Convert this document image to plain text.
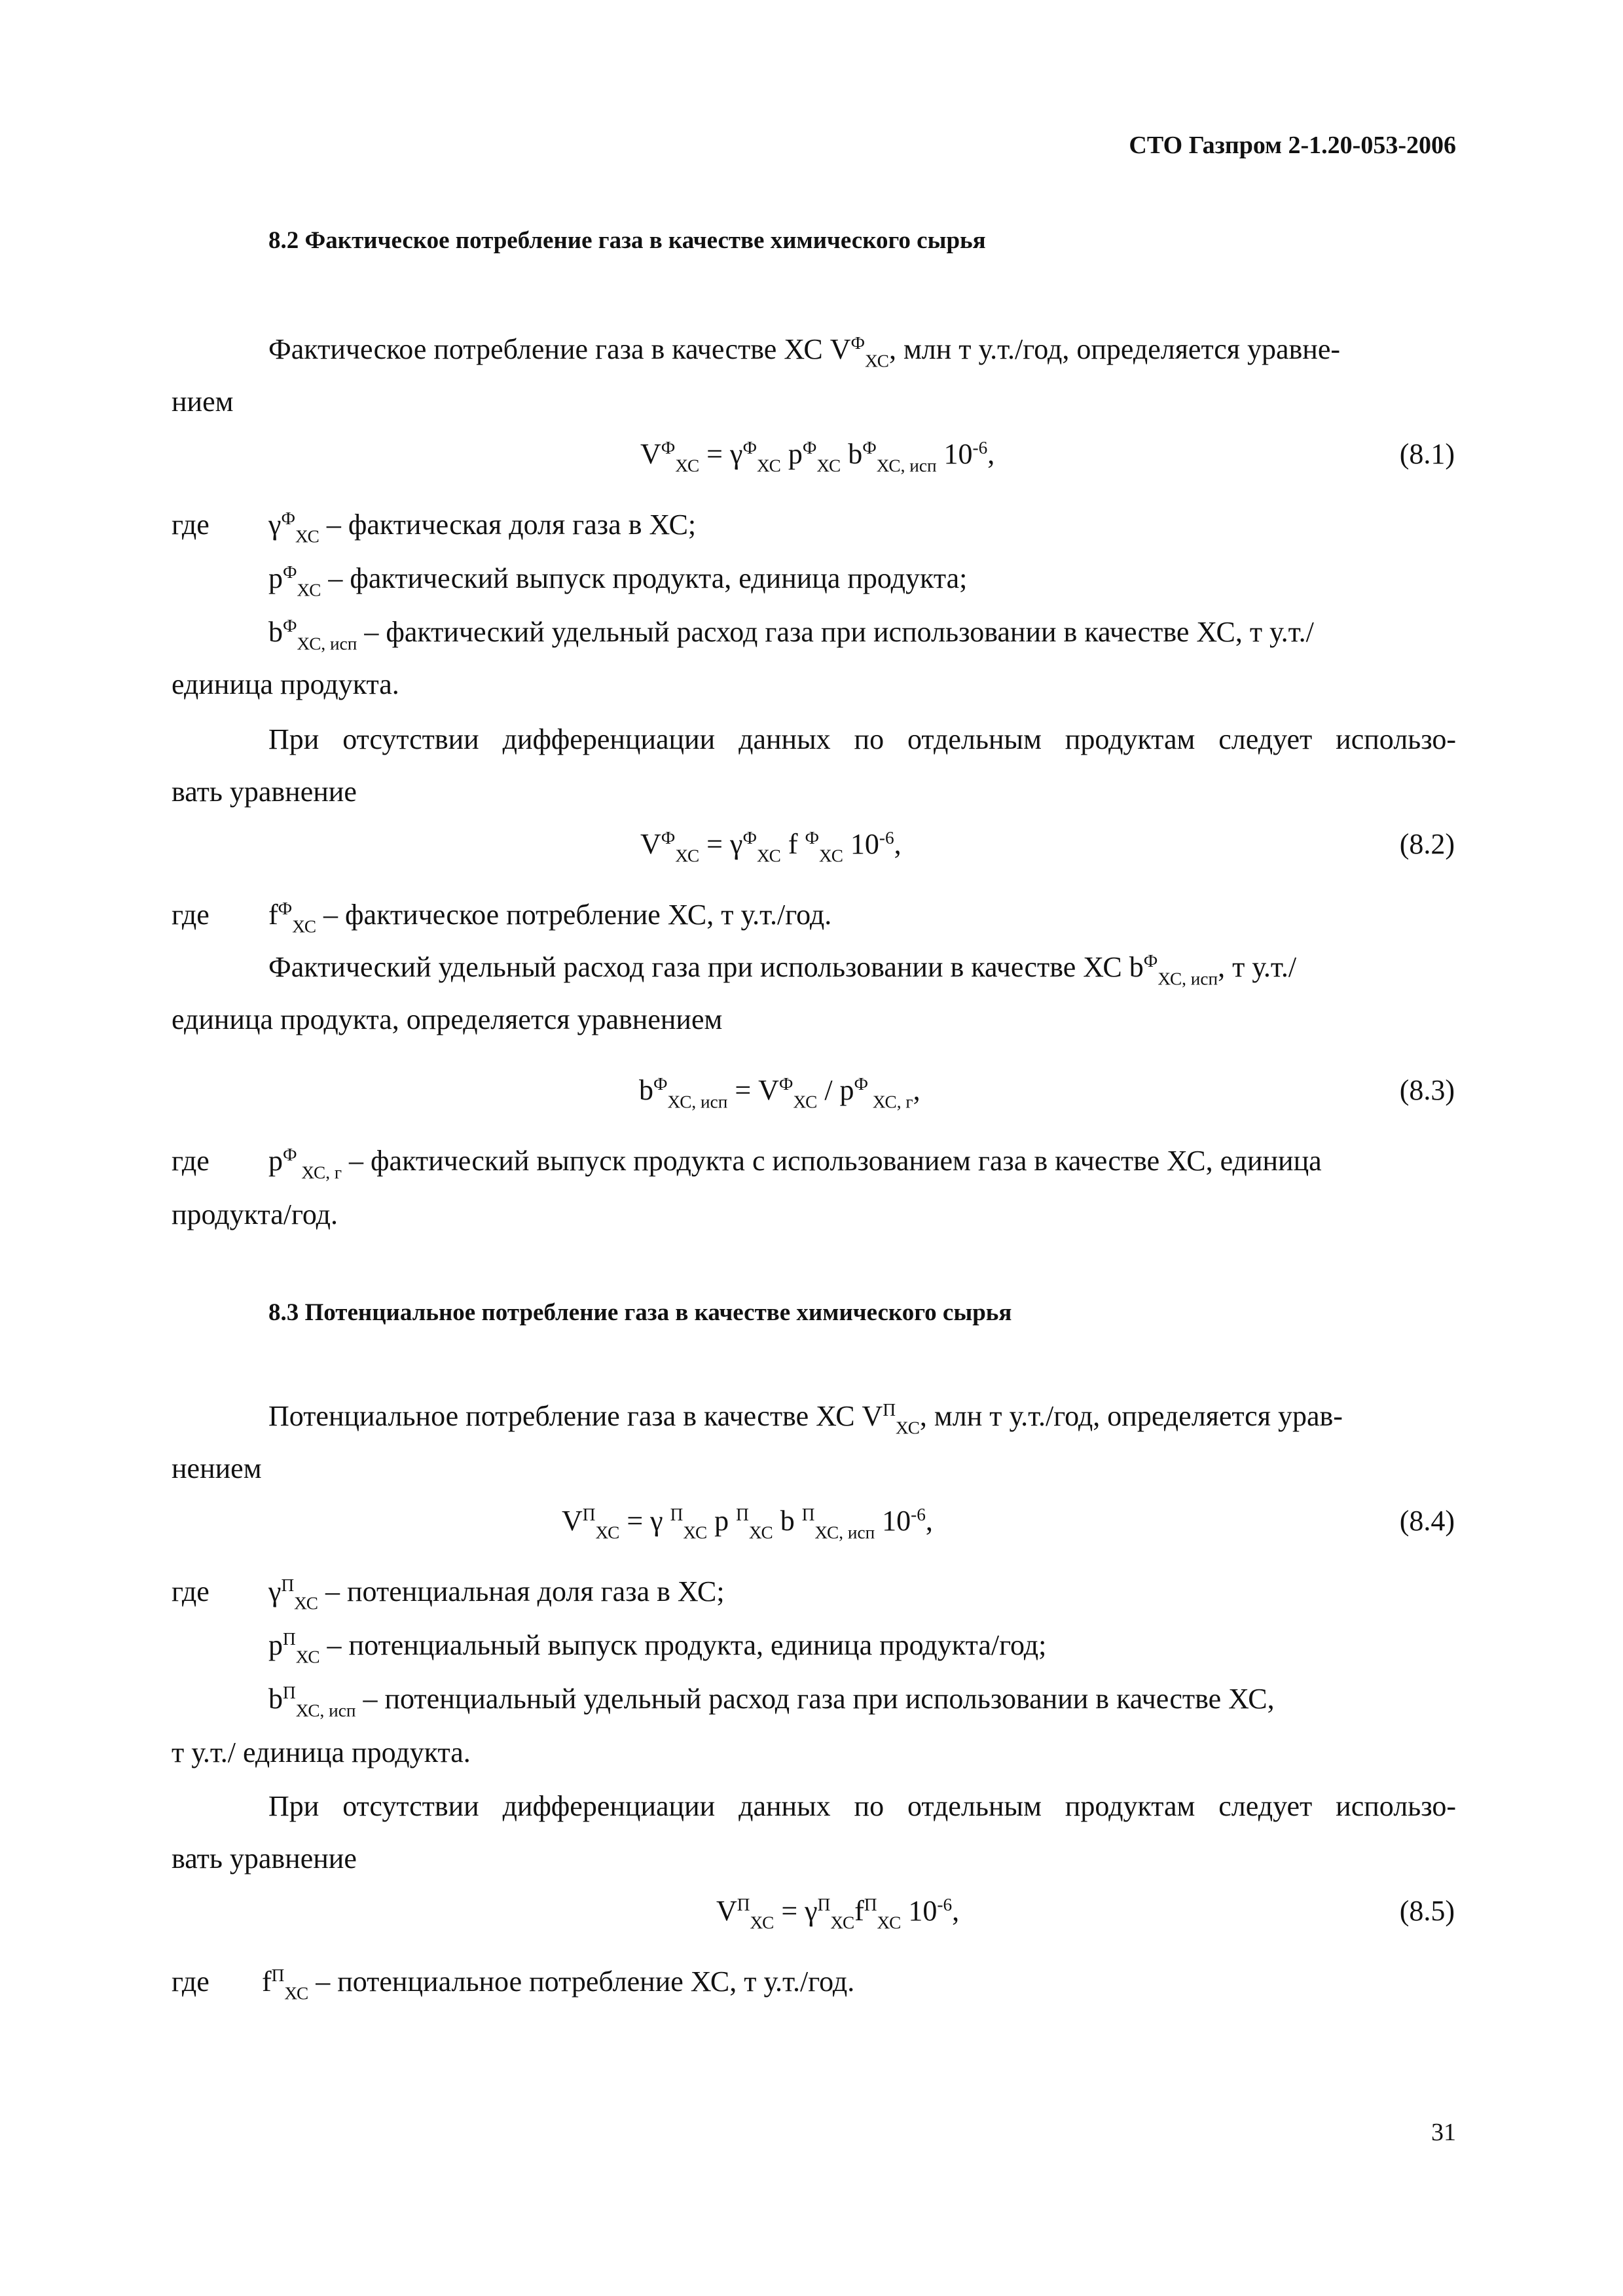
СТО Газпром 2-1.20-053-2006
8.2 Фактическое потребление газа в качестве химического сырья
Фактическое потребление газа в качестве ХС $V^Ф_{ХС}$, млн т у.т./год, определяется уравне-
нием
$V^Ф_{ХС} = \gamma^Ф_{ХС}$ $p^Ф_{ХС}$ $b^Ф_{ХС, исп}$ $10^{-6}$,	(8.1)
где $\gamma^Ф_{ХС}$ – фактическая доля газа в ХС;
$p^Ф_{ХС}$ – фактический выпуск продукта, единица продукта;
$b^Ф_{ХС, исп}$ – фактический удельный расход газа при использовании в качестве ХС, т у.т./
единица продукта.
При отсутствии дифференциации данных по отдельным продуктам следует использо-
вать уравнение
$V^Ф_{ХС} = \gamma^Ф_{ХС}$ f $^Ф_{ХС}$ $10^{-6}$,	(8.2)
где $f^Ф_{ХС}$ – фактическое потребление ХС, т у.т./год.
Фактический удельный расход газа при использовании в качестве ХС $b^Ф_{ХС, исп}$, т у.т./
единица продукта, определяется уравнением
$b^Ф_{ХС, исп} = V^Ф_{ХС} / p^Ф$ $_{ХС, г}$,	(8.3)
где $p^Ф$ $_{ХС, г}$ – фактический выпуск продукта с использованием газа в качестве ХС, единица
продукта/год.
8.3 Потенциальное потребление газа в качестве химического сырья
Потенциальное потребление газа в качестве ХС $V^П_{ХС}$, млн т у.т./год, определяется урав-
нением
$V^П_{ХС} = \gamma$ $^П_{ХС}$ p $^П_{ХС}$ b $^П_{ХС, исп}$ $10^{-6}$,	(8.4)
где $\gamma^П_{ХС}$ – потенциальная доля газа в ХС;
$p^П_{ХС}$ – потенциальный выпуск продукта, единица продукта/год;
$b^П_{ХС, исп}$ – потенциальный удельный расход газа при использовании в качестве ХС,
т у.т./ единица продукта.
При отсутствии дифференциации данных по отдельным продуктам следует использо-
вать уравнение
$V^П_{ХС} = \gamma^П_{ХС}f^П_{ХС}$ $10^{-6}$,	(8.5)
где $f^П_{ХС}$ – потенциальное потребление ХС, т у.т./год.
31
